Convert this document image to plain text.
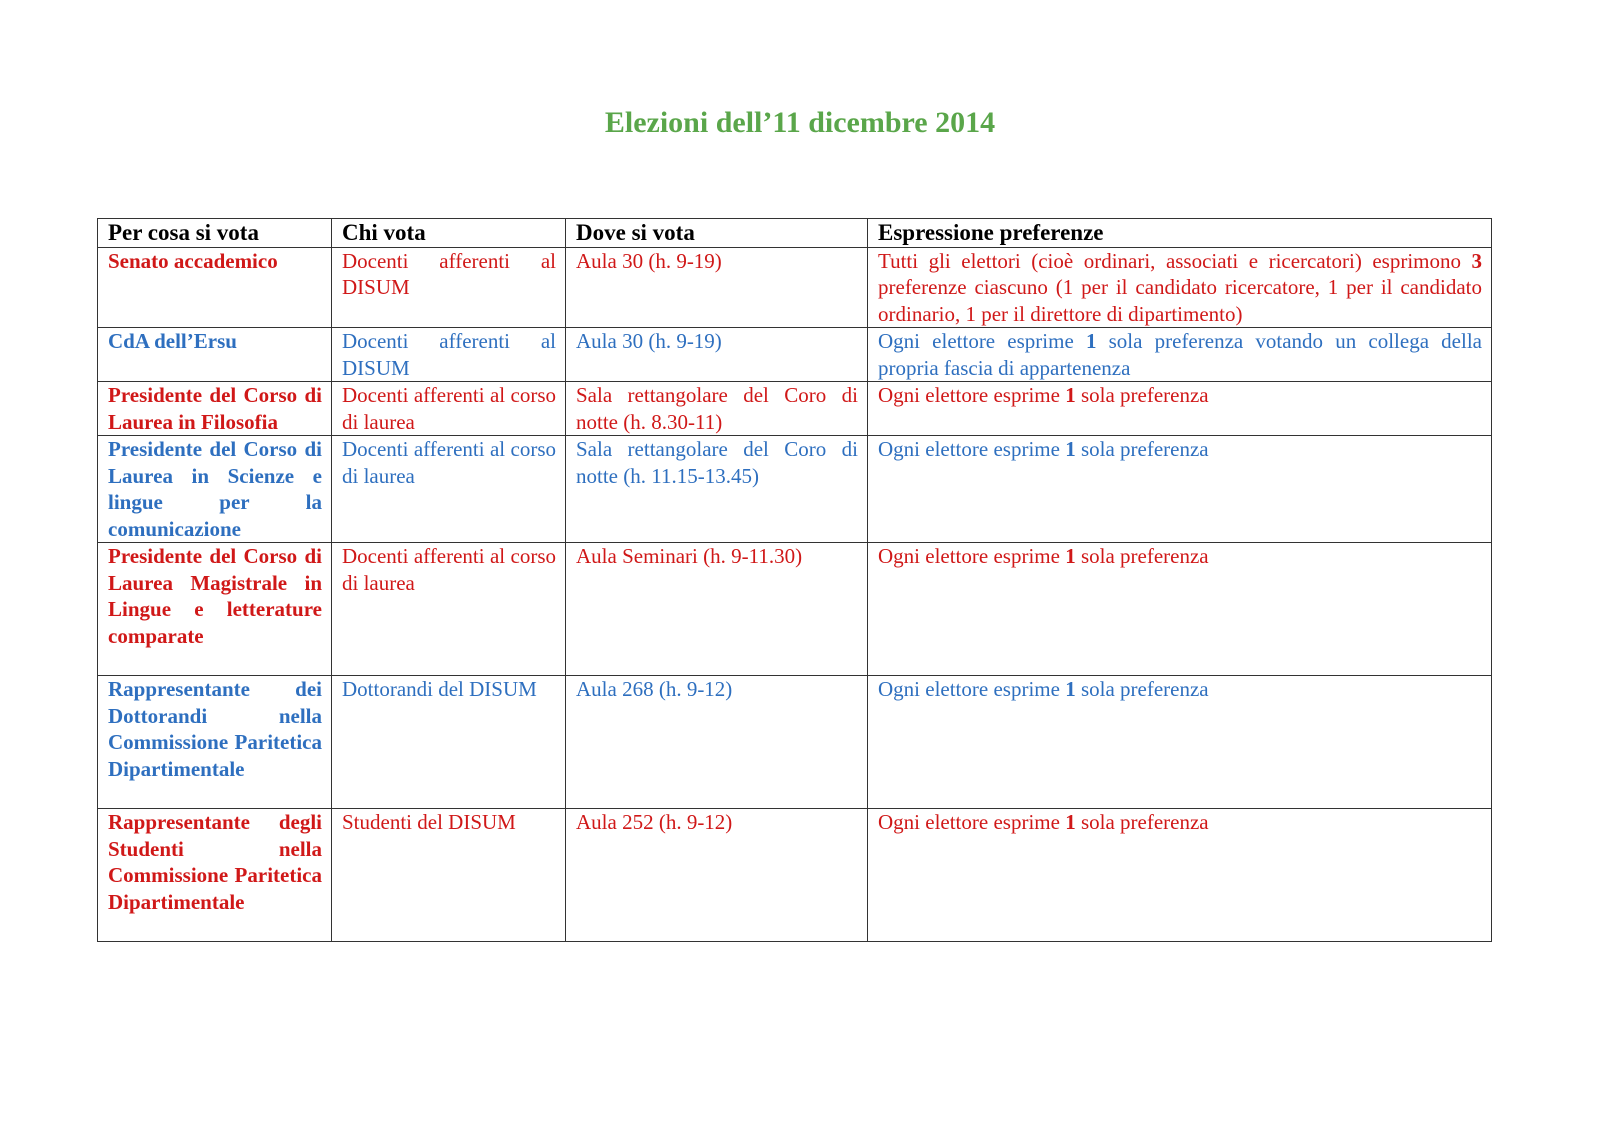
Elezioni dell’11 dicembre 2014
Per cosa si vota	Chi vota	Dove si vota	Espressione preferenze
Senato accademico	Docenti afferenti al DISUM	Aula 30 (h. 9-19)	Tutti gli elettori (cioè ordinari, associati e ricercatori) esprimono 3 preferenze ciascuno (1 per il candidato ricercatore, 1 per il candidato ordinario, 1 per il direttore di dipartimento)
CdA dell’Ersu	Docenti afferenti al DISUM	Aula 30 (h. 9-19)	Ogni elettore esprime 1 sola preferenza votando un collega della propria fascia di appartenenza
Presidente del Corso di Laurea in Filosofia	Docenti afferenti al corso di laurea	Sala rettangolare del Coro di notte (h. 8.30-11)	Ogni elettore esprime 1 sola preferenza
Presidente del Corso di Laurea in Scienze e lingue per la comunicazione	Docenti afferenti al corso di laurea	Sala rettangolare del Coro di notte (h. 11.15-13.45)	Ogni elettore esprime 1 sola preferenza
Presidente del Corso di Laurea Magistrale in Lingue e letterature comparate	Docenti afferenti al corso di laurea	Aula Seminari (h. 9-11.30)	Ogni elettore esprime 1 sola preferenza
Rappresentante dei Dottorandi nella Commissione Paritetica Dipartimentale	Dottorandi del DISUM	Aula 268 (h. 9-12)	Ogni elettore esprime 1 sola preferenza
Rappresentante degli Studenti nella Commissione Paritetica Dipartimentale	Studenti del DISUM	Aula 252 (h. 9-12)	Ogni elettore esprime 1 sola preferenza
